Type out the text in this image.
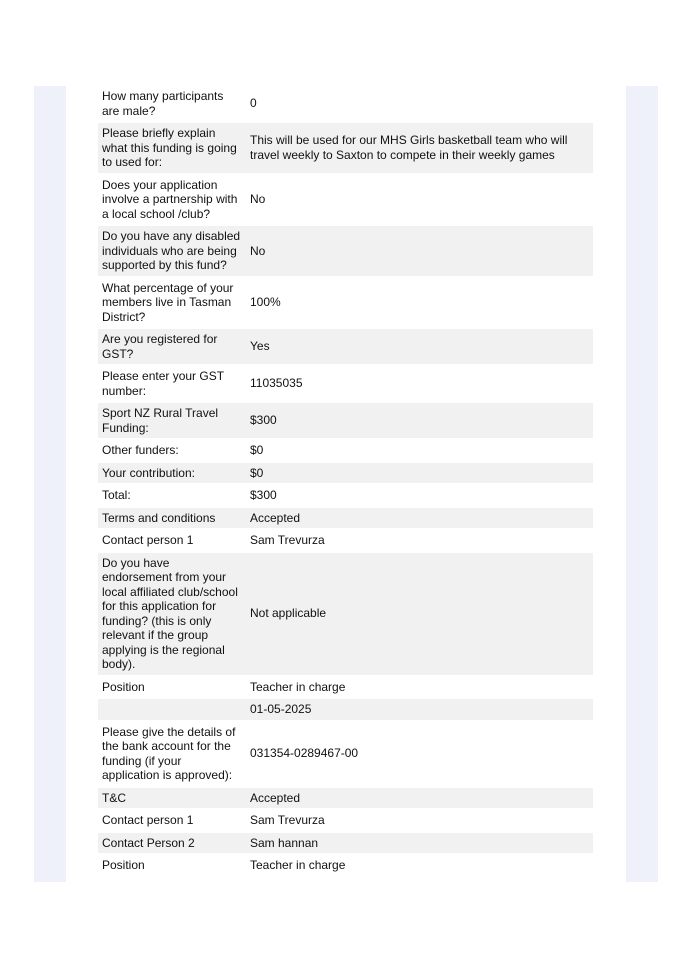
How many participants are male?	0
Please briefly explain what this funding is going to used for:	This will be used for our MHS Girls basketball team who will travel weekly to Saxton to compete in their weekly games
Does your application involve a partnership with a local school /club?	No
Do you have any disabled individuals who are being supported by this fund?	No
What percentage of your members live in Tasman District?	100%
Are you registered for GST?	Yes
Please enter your GST number:	11035035
Sport NZ Rural Travel Funding:	$300
Other funders:	$0
Your contribution:	$0
Total:	$300
Terms and conditions	Accepted
Contact person 1	Sam Trevurza
Do you have endorsement from your local affiliated club/school for this application for funding? (this is only relevant if the group applying is the regional body).	Not applicable
Position	Teacher in charge
	01-05-2025
Please give the details of the bank account for the funding (if your application is approved):	031354-0289467-00
T&C	Accepted
Contact person 1	Sam Trevurza
Contact Person 2	Sam hannan
Position	Teacher in charge
